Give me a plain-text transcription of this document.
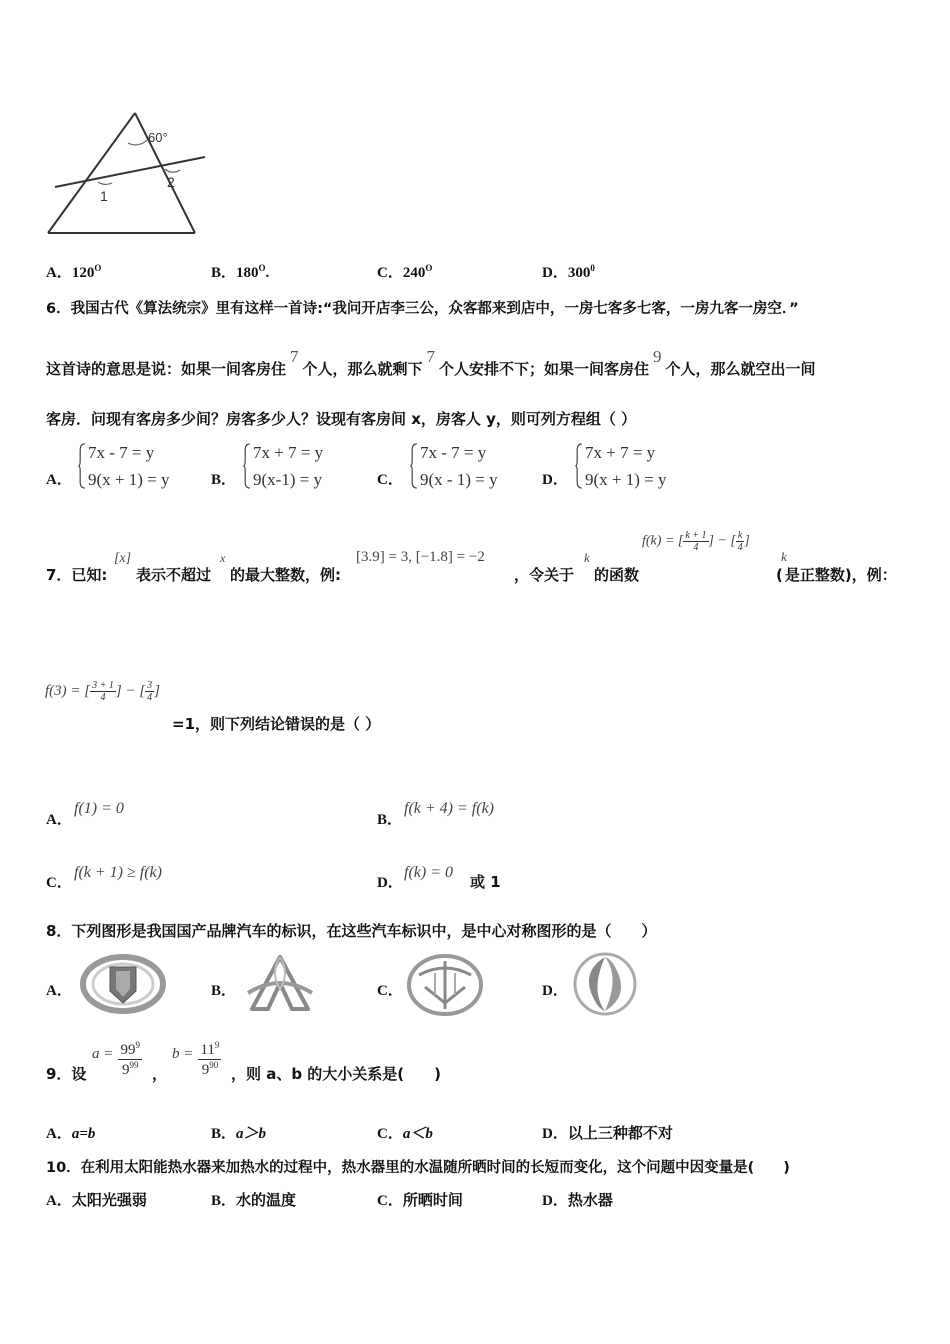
60°
1
2
A．$120^O$	B．$180^O$.	C．$240^O$	D．$300^0$
6．我国古代《算法统宗》里有这样一首诗:“我问开店李三公，众客都来到店中，一房七客多七客，一房九客一房空．”
这首诗的意思是说：如果一间客房住7个人，那么就剩下7个人安排不下；如果一间客房住9个人，那么就空出一间
客房．问现有客房多少间？房客多少人？设现有客房间 x，房客人 y，则可列方程组（ ）
A．
7x - 7 = y
9(x + 1) = y	B．
7x + 7 = y
9(x-1) = y	C．
7x - 7 = y
9(x - 1) = y	D．
7x + 7 = y
9(x + 1) = y
7．已知:
[x]
表示不超过
x
的最大整数，例:
[3.9] = 3, [−1.8] = −2
，令关于
k
的函数
f(k) = [ $\frac{k + 1}{4}$ ] − [ $\frac{k}{4}$ ]
k
( 是正整数)，例：
f(3) = [ $\frac{3 + 1}{4}$ ] − [ $\frac{3}{4}$ ]
=1，则下列结论错误的是（ ）
A．
f(1) = 0
B．
f(k + 4) = f(k)
C．
f(k + 1) ≥ f(k)
D．
f(k) = 0
或 1
8．下列图形是我国国产品牌汽车的标识，在这些汽车标识中，是中心对称图形的是（　　）
A．	B．	C．	D．
9．设
$a = \frac{99^9}{9^{99}}$ ，
$b = \frac{11^9}{9^{90}}$ ，则 a、b 的大小关系是(　　)
A．a=b	B．a＞b	C．a＜b	D．以上三种都不对
10．在利用太阳能热水器来加热水的过程中，热水器里的水温随所晒时间的长短而变化，这个问题中因变量是(　　)
A．太阳光强弱	B．水的温度	C．所晒时间	D．热水器
